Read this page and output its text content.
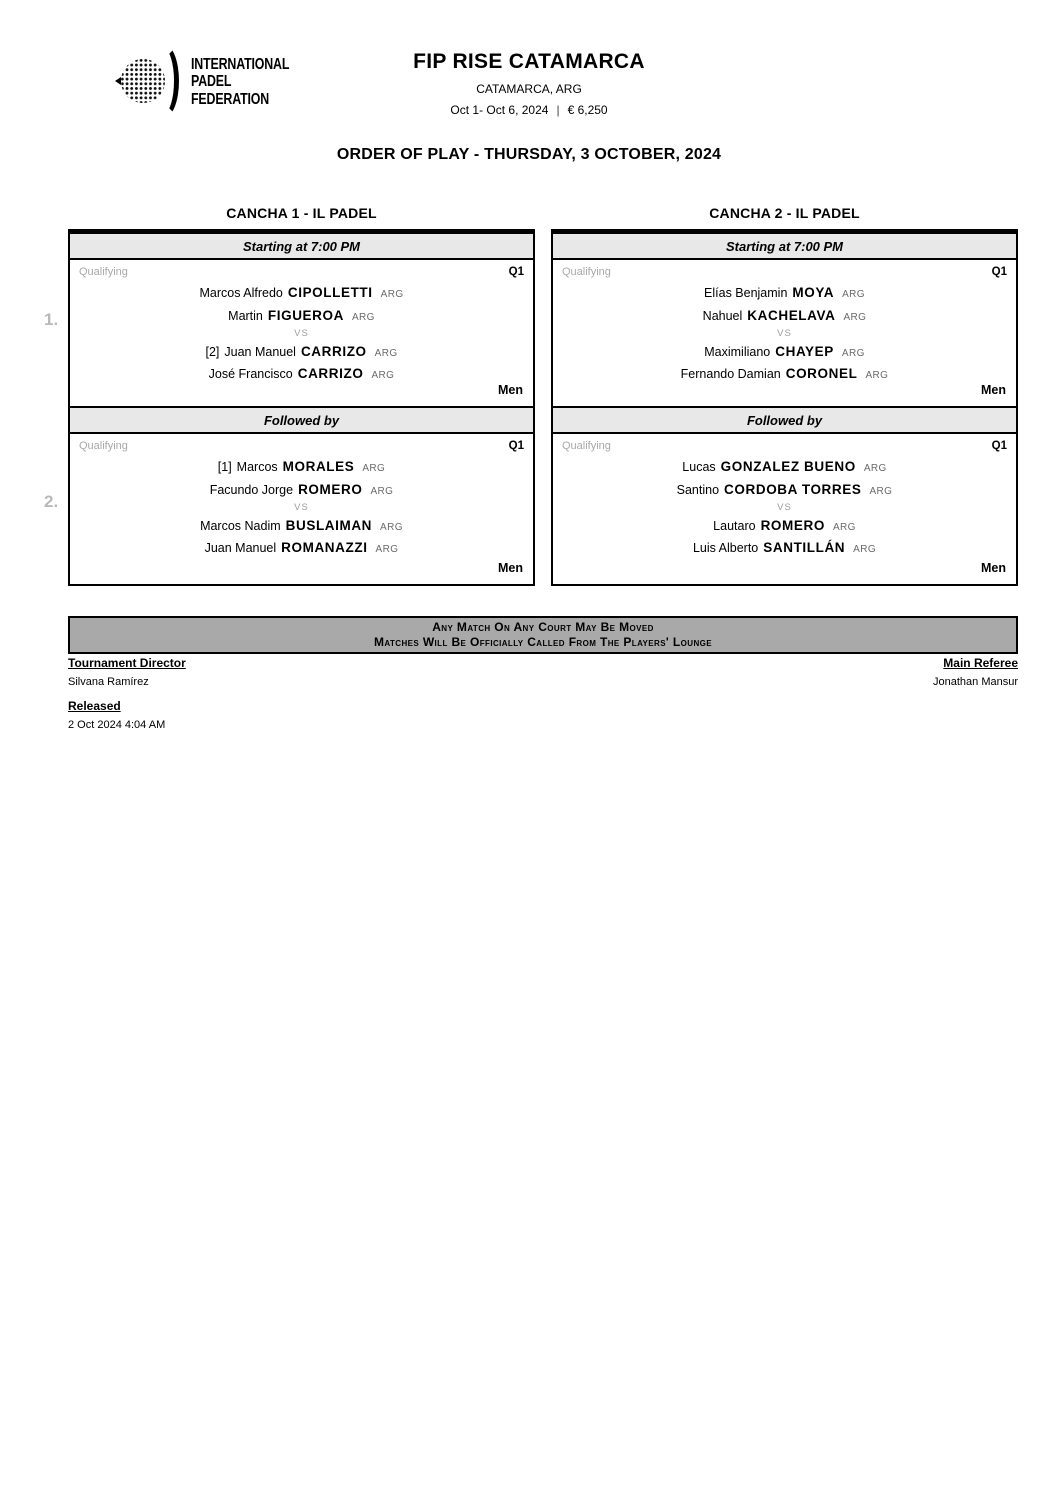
INTERNATIONAL
PADEL
FEDERATION
FIP RISE CATAMARCA
CATAMARCA, ARG
Oct 1- Oct 6, 2024 | € 6,250
ORDER OF PLAY - THURSDAY, 3 OCTOBER, 2024
1.
2.
CANCHA 1 - IL PADEL
Starting at 7:00 PM
Qualifying	Q1
Marcos Alfredo CIPOLLETTI ARG
Martin FIGUEROA ARG
VS
[2] Juan Manuel CARRIZO ARG
José Francisco CARRIZO ARG
Men
Followed by
Qualifying	Q1
[1] Marcos MORALES ARG
Facundo Jorge ROMERO ARG
VS
Marcos Nadim BUSLAIMAN ARG
Juan Manuel ROMANAZZI ARG
Men
CANCHA 2 - IL PADEL
Starting at 7:00 PM
Qualifying	Q1
Elías Benjamin MOYA ARG
Nahuel KACHELAVA ARG
VS
Maximiliano CHAYEP ARG
Fernando Damian CORONEL ARG
Men
Followed by
Qualifying	Q1
Lucas GONZALEZ BUENO ARG
Santino CORDOBA TORRES ARG
VS
Lautaro ROMERO ARG
Luis Alberto SANTILLÁN ARG
Men
Any Match On Any Court May Be Moved
Matches Will Be Officially Called From The Players' Lounge
Tournament Director
Silvana Ramírez
Released
2 Oct 2024 4:04 AM
Main Referee
Jonathan Mansur
